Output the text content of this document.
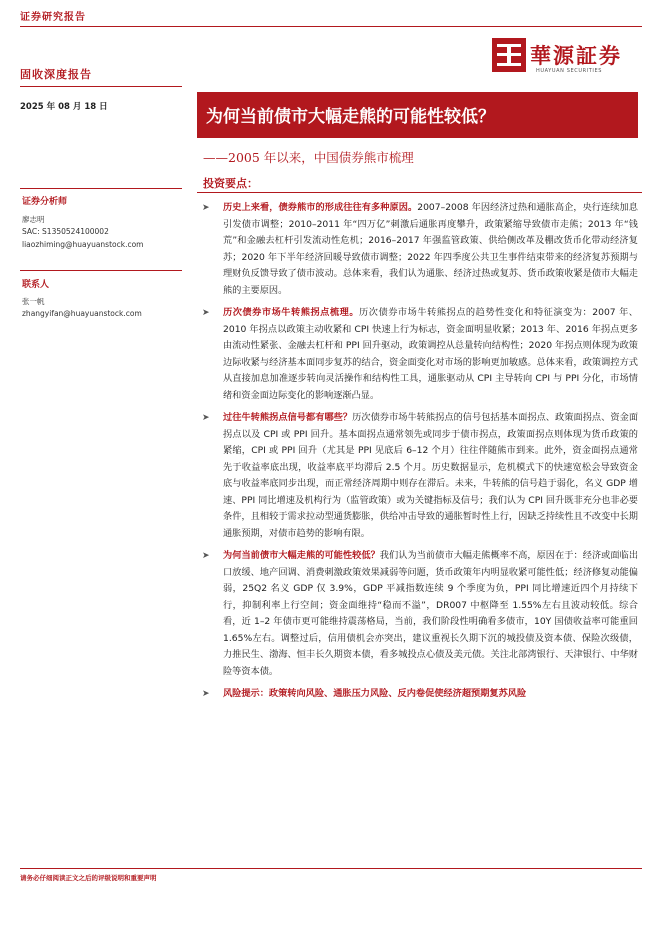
证券研究报告
華源証券
HUAYUAN SECURITIES
固收深度报告
2025 年 08 月 18 日	为何当前债市大幅走熊的可能性较低？
——2005 年以来，中国债券熊市梳理
投资要点：
证券分析师
廖志明
SAC: S1350524100002
liaozhiming@huayuanstock.com
联系人
张一帆
zhangyifan@huayuanstock.com
➤ 历史上来看，债券熊市的形成往往有多种原因。2007–2008 年因经济过热和通胀高企，央行连续加息引发债市调整；2010–2011 年“四万亿”刺激后通胀再度攀升，政策紧缩导致债市走熊；2013 年“钱荒”和金融去杠杆引发流动性危机；2016–2017 年强监管政策、供给侧改革及棚改货币化带动经济复苏；2020 年下半年经济回暖导致债市调整；2022 年四季度公共卫生事件结束带来的经济复苏预期与理财负反馈导致了债市波动。总体来看，我们认为通胀、经济过热或复苏、货币政策收紧是债市大幅走熊的主要原因。
➤ 历次债券市场牛转熊拐点梳理。历次债券市场牛转熊拐点的趋势性变化和特征演变为：2007 年、2010 年拐点以政策主动收紧和 CPI 快速上行为标志，资金面明显收紧；2013 年、2016 年拐点更多由流动性紧张、金融去杠杆和 PPI 回升驱动，政策调控从总量转向结构性；2020 年拐点则体现为政策边际收紧与经济基本面同步复苏的结合，资金面变化对市场的影响更加敏感。总体来看，政策调控方式从直接加息加准逐步转向灵活操作和结构性工具，通胀驱动从 CPI 主导转向 CPI 与 PPI 分化，市场情绪和资金面边际变化的影响逐渐凸显。
➤ 过往牛转熊拐点信号都有哪些？历次债券市场牛转熊拐点的信号包括基本面拐点、政策面拐点、资金面拐点以及 CPI 或 PPI 回升。基本面拐点通常领先或同步于债市拐点，政策面拐点则体现为货币政策的紧缩，CPI 或 PPI 回升（尤其是 PPI 见底后 6–12 个月）往往伴随熊市到来。此外，资金面拐点通常先于收益率底出现，收益率底平均滞后 2.5 个月。历史数据显示，危机模式下的快速宽松会导致资金底与收益率底同步出现，而正常经济周期中则存在滞后。未来，牛转熊的信号趋于弱化，名义 GDP 增速、PPI 同比增速及机构行为（监管政策）或为关键指标及信号；我们认为 CPI 回升既非充分也非必要条件，且相较于需求拉动型通货膨胀，供给冲击导致的通胀暂时性上行，因缺乏持续性且不改变中长期通胀预期，对债市趋势的影响有限。
➤ 为何当前债市大幅走熊的可能性较低？我们认为当前债市大幅走熊概率不高，原因在于：经济或面临出口放缓、地产回调、消费刺激政策效果减弱等问题，货币政策年内明显收紧可能性低；经济修复动能偏弱，25Q2 名义 GDP 仅 3.9%，GDP 平减指数连续 9 个季度为负，PPI 同比增速近四个月持续下行，抑制利率上行空间；资金面维持“稳而不溢”，DR007 中枢降至 1.55%左右且波动较低。综合看，近 1–2 年债市更可能维持震荡格局，当前，我们阶段性明确看多债市，10Y 国债收益率可能重回 1.65%左右。调整过后，信用债机会亦突出，建议重视长久期下沉的城投债及资本债、保险次级债，力推民生、渤海、恒丰长久期资本债，看多城投点心债及美元债。关注北部湾银行、天津银行、中华财险等资本债。
➤ 风险提示：政策转向风险、通胀压力风险、反内卷促使经济超预期复苏风险
请务必仔细阅读正文之后的评级说明和重要声明
